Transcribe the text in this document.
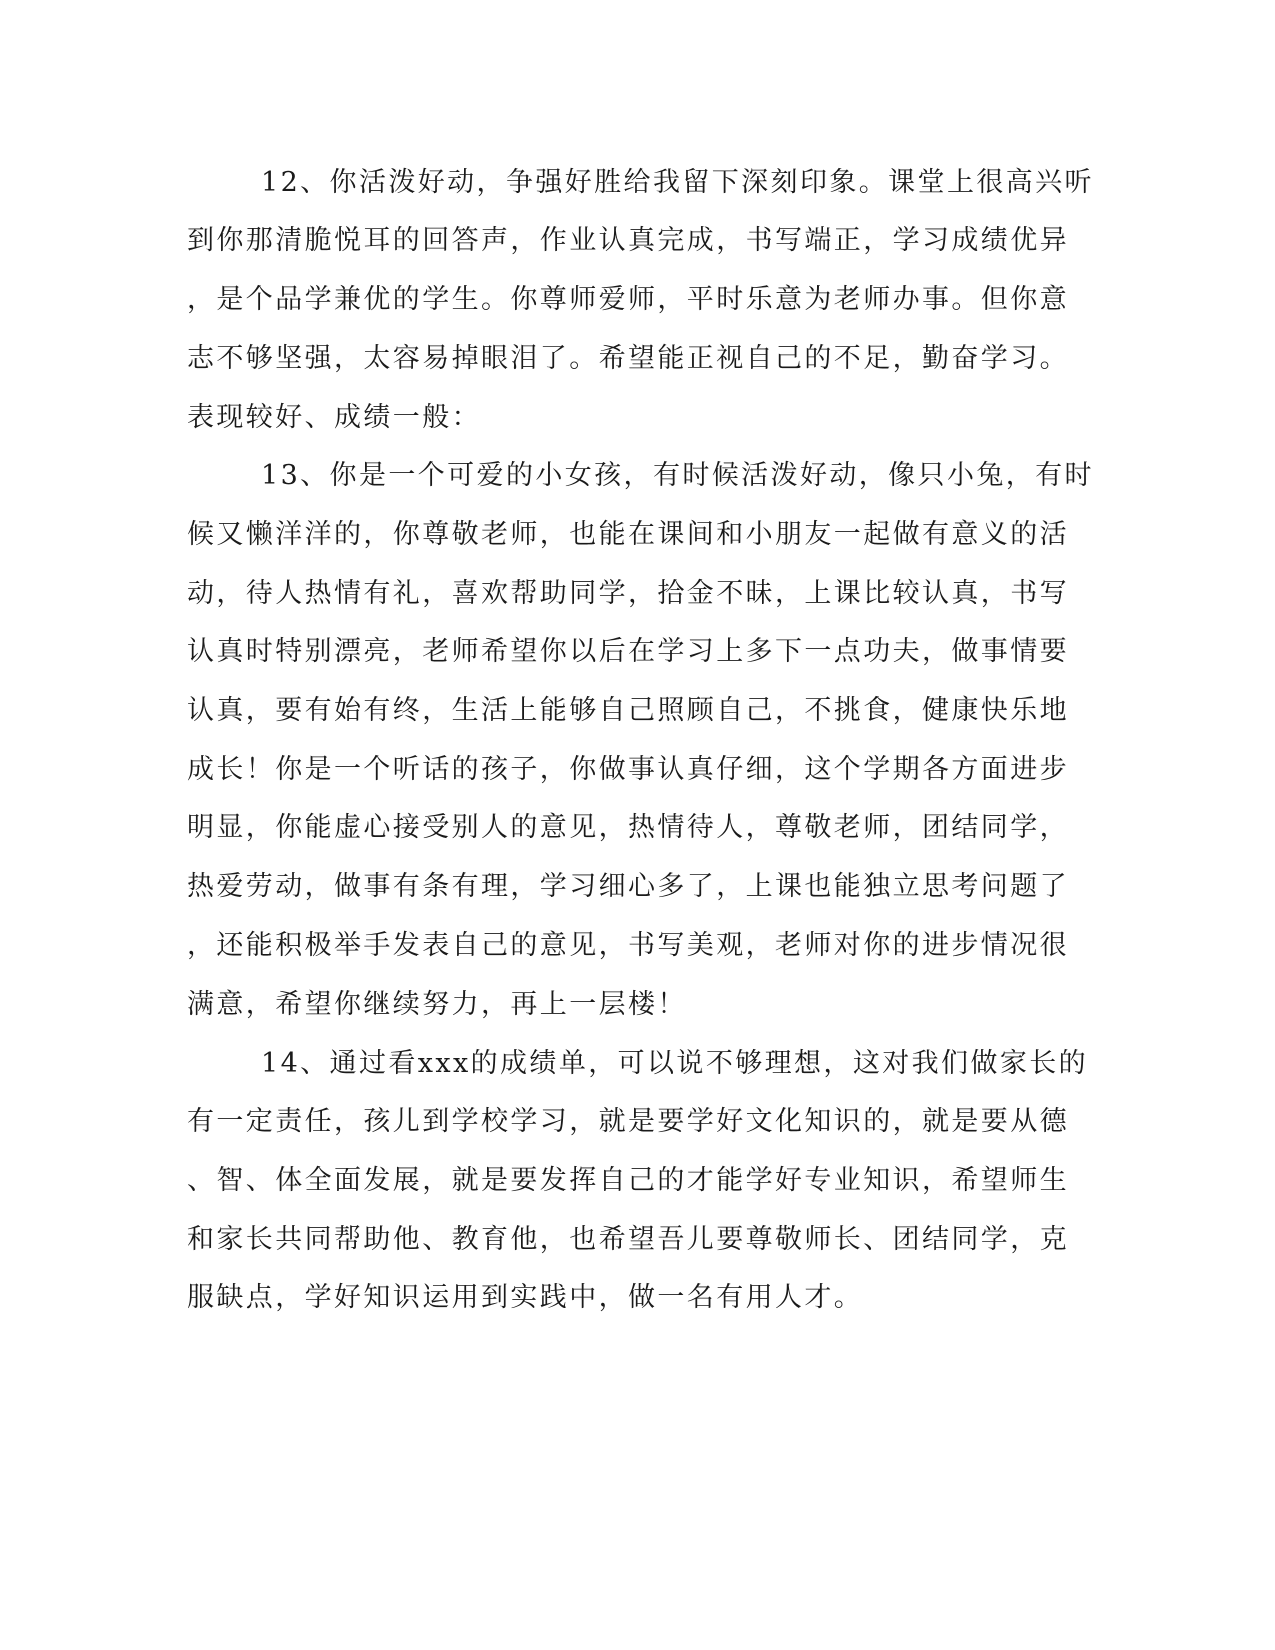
12、你活泼好动，争强好胜给我留下深刻印象。课堂上很高兴听
到你那清脆悦耳的回答声，作业认真完成，书写端正，学习成绩优异
，是个品学兼优的学生。你尊师爱师，平时乐意为老师办事。但你意
志不够坚强，太容易掉眼泪了。希望能正视自己的不足，勤奋学习。
表现较好、成绩一般：
13、你是一个可爱的小女孩，有时候活泼好动，像只小兔，有时
候又懒洋洋的，你尊敬老师，也能在课间和小朋友一起做有意义的活
动，待人热情有礼，喜欢帮助同学，拾金不昧，上课比较认真，书写
认真时特别漂亮，老师希望你以后在学习上多下一点功夫，做事情要
认真，要有始有终，生活上能够自己照顾自己，不挑食，健康快乐地
成长！你是一个听话的孩子，你做事认真仔细，这个学期各方面进步
明显，你能虚心接受别人的意见，热情待人，尊敬老师，团结同学，
热爱劳动，做事有条有理，学习细心多了，上课也能独立思考问题了
，还能积极举手发表自己的意见，书写美观，老师对你的进步情况很
满意，希望你继续努力，再上一层楼！
14、通过看xxx的成绩单，可以说不够理想，这对我们做家长的
有一定责任，孩儿到学校学习，就是要学好文化知识的，就是要从德
、智、体全面发展，就是要发挥自己的才能学好专业知识，希望师生
和家长共同帮助他、教育他，也希望吾儿要尊敬师长、团结同学，克
服缺点，学好知识运用到实践中，做一名有用人才。
